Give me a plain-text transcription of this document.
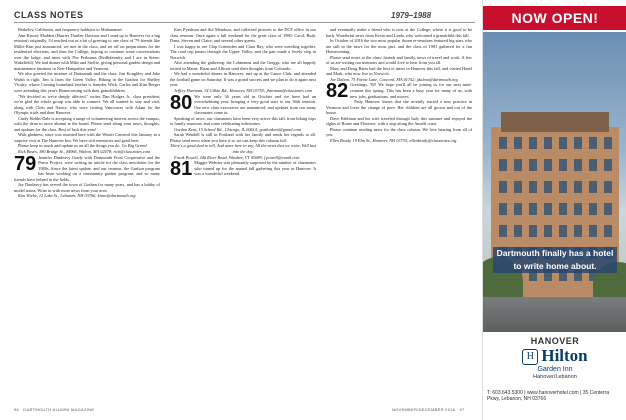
CLASS NOTES	1979–1988

Berkeley, California, and frequency hobbyist to Muhammad.

Ann Kassey Madden (Harriet Thurber Davison and I send up to Hanover for a big reunion) originally, I'd reached out as a bit of greeting to one class of '79 friends like Millie Kim just announced, we met in the class, and set off on preparations for the residential elections, and then the College, hoping to continue some conversations over the lodge, and meet with The Perlmans (Redlidzinsky and I are in Steen-Wakefield). We had dinner with Mike and Steffie, giving personal garden design and maintenance business in New Hampshire and Vermont.

We also greeted the mixture of Dartmouth and the class: Jim Koughley and Jake Walsh is right. Jim is from the Green Valley. Hiking in the Grafton for Shelley Vicalry, whose Corning homeland brother is Sanyder Wick. Carlos and Kim Berger were attending this year's Homecoming with their grandchildren.

"We decided as we're deeply affected," writes Dan Hodges Jr., class president; we're glad the whole group was able to connect. We all wanted to stay and visit, along with Chris and Nancy, who were visiting Vancouver with Adam for the Olympic trials and then Hanover.

Cindy Hobbs-Dale is accepting a range of volunteering interest across the campus, with the dean to serve alumni at the board. Please send along your news, thoughts, and updates for the class. Best of luck this year!

With gladness, since was reunited here with the Winter Carnival this January in a surprise visit at The Hanover Inn. We have rich memories and good beer.

Please keep in touch and update us on all the things you do. Go Big Green!

Rick Bayes, 380 Bridge St., #4966, Walton, MA 02478; rick@classnotes.com

79 Jennifer Dunleavy Grady with Dartmouth Frost Cooperative and the Peace Project, were writing an article for the class newsletter for the 1980s. Since the latest update, and our reunion, the Grafton program has been working on a community garden program, and so many friends have helped in the fields.

Jay Dunleavy has served the town of Goshen for many years, and has a hobby of model trains. Write in with more news from your area.

Kim Wiebe, 12 Lake St., Lebanon, NH 03766; kimw@dartmouth.org

Kim Pyeshum and Sid Mendoza, and collected pictures to the DCF office in our class reunion. Once again a full weekend for the great class of 1980: Carol, Ruth, Dana, Steven and Claire, and several other guests.

I was happy to see Chip Crittenden and Clara Ray, who were traveling together. The road trip passes through the Upper Valley, and the pair made a lovely stop in Norwich.

Also attending the gathering: the Lohmanns and the Greggs, who are all happily retired in Maine. Brian and Allison send their thoughts from Colorado.

We had a wonderful dinner in Hanover, met up at the Canoe Club, and attended the football game on Saturday. It was a grand success and we plan to do it again next year.

Jeffrey Hartman, 34 Gilkin Rd., Hanover, NH 03755; jhartman@classnotes.com

80 We were only 36 years old in October and we have had an overwhelming year, bringing a very good start to our 36th reunion. Our new class executives are announced, and updates from our many classmates come in.

Speaking of news, our classmates have been very active this fall, from hiking trips to family reunions, and some celebrating milestones.

Gordon Kent, 15 School Rd., Chicago, IL 60614; gordonkent@gmail.com

Sarah Wendell is still in Portland with her family and sends her regards to all. Please send news when you have it so we can keep this column full.

There's a good deal to tell, And more here to say, All the news that we write, Will last into the day.

Frank Powell, 246 River Road, Windsor, VT 05089; f.powell@email.com

81 Maggie Webster was pleasantly surprised by the number of classmates who turned up for the annual fall gathering this year in Hanover. It was a wonderful weekend.

and eventually make a friend who is now at the College, where it is good to be back. Wonderful news from Kevin and Linda, who welcomed a grandchild this fall.

In October of 2016 the two most popular dozen re-reunions featured big stars who are still in the news for the most part, and the class of 1981 gathered for a fun Homecoming.

Please send notes to the class: friends and family, news of travel and work. A few of us are writing our memoirs and would love to hear from you all.

Mary and Doug Bates had the best of times in Hanover this fall, and visited Hazel and Mark, who now live in Norwich.

Joe Dalton, 75 Forest Lane, Concord, MA 01742; jdalton@dartmouth.org

82 Greetings, '82! We hope you'll all be joining us for our next mini-reunion this spring. This has been a busy year for many of us, with new jobs, graduations, and moves.

Patty Hanover shares that she recently started a new practice in Vermont and loves the change of pace. Her children are all grown and out of the house.

Dave Edelman and his wife traveled through Italy this summer and enjoyed the sights of Rome and Florence, with a stop along the Amalfi coast.

Please continue sending news for the class column. We love hearing from all of you.

Ellen Brady, 19 Elm St., Hanover, NH 03755; ellenbrady@classnotes.org

96 DARTMOUTH ALUMNI MAGAZINE	NOVEMBER/DECEMBER 2016 97
NOW OPEN!
Dartmouth finally has a hotel to write home about.
HANOVER
H Hilton
Garden Inn
Hanover/Lebanon
T: 603.643.5300 | www.hanoverhotel.com | 35 Centerra Pkwy, Lebanon, NH 03766
